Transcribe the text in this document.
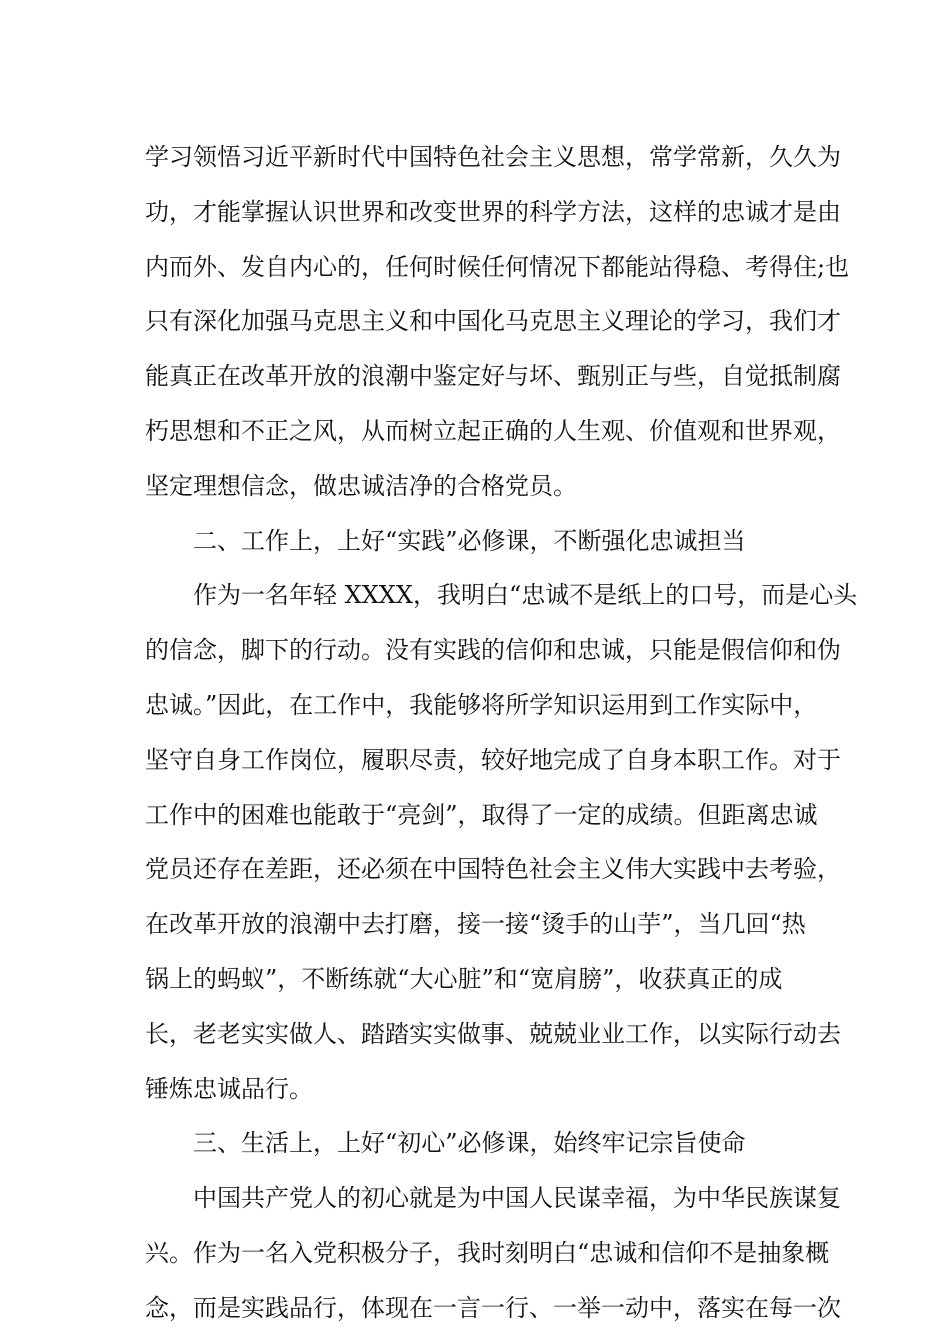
学习领悟习近平新时代中国特色社会主义思想，常学常新，久久为
功，才能掌握认识世界和改变世界的科学方法，这样的忠诚才是由
内而外、发自内心的，任何时候任何情况下都能站得稳、考得住;也
只有深化加强马克思主义和中国化马克思主义理论的学习，我们才
能真正在改革开放的浪潮中鉴定好与坏、甄别正与些，自觉抵制腐
朽思想和不正之风，从而树立起正确的人生观、价值观和世界观，
坚定理想信念，做忠诚洁净的合格党员。
二、工作上，上好“实践”必修课，不断强化忠诚担当
作为一名年轻 XXXX，我明白“忠诚不是纸上的口号，而是心头
的信念，脚下的行动。没有实践的信仰和忠诚，只能是假信仰和伪
忠诚。”因此，在工作中，我能够将所学知识运用到工作实际中，
坚守自身工作岗位，履职尽责，较好地完成了自身本职工作。对于
工作中的困难也能敢于“亮剑”，取得了一定的成绩。但距离忠诚
党员还存在差距，还必须在中国特色社会主义伟大实践中去考验，
在改革开放的浪潮中去打磨，接一接“烫手的山芋”，当几回“热
锅上的蚂蚁”，不断练就“大心脏”和“宽肩膀”，收获真正的成
长，老老实实做人、踏踏实实做事、兢兢业业工作，以实际行动去
锤炼忠诚品行。
三、生活上，上好“初心”必修课，始终牢记宗旨使命
中国共产党人的初心就是为中国人民谋幸福，为中华民族谋复
兴。作为一名入党积极分子，我时刻明白“忠诚和信仰不是抽象概
念，而是实践品行，体现在一言一行、一举一动中，落实在每一次
